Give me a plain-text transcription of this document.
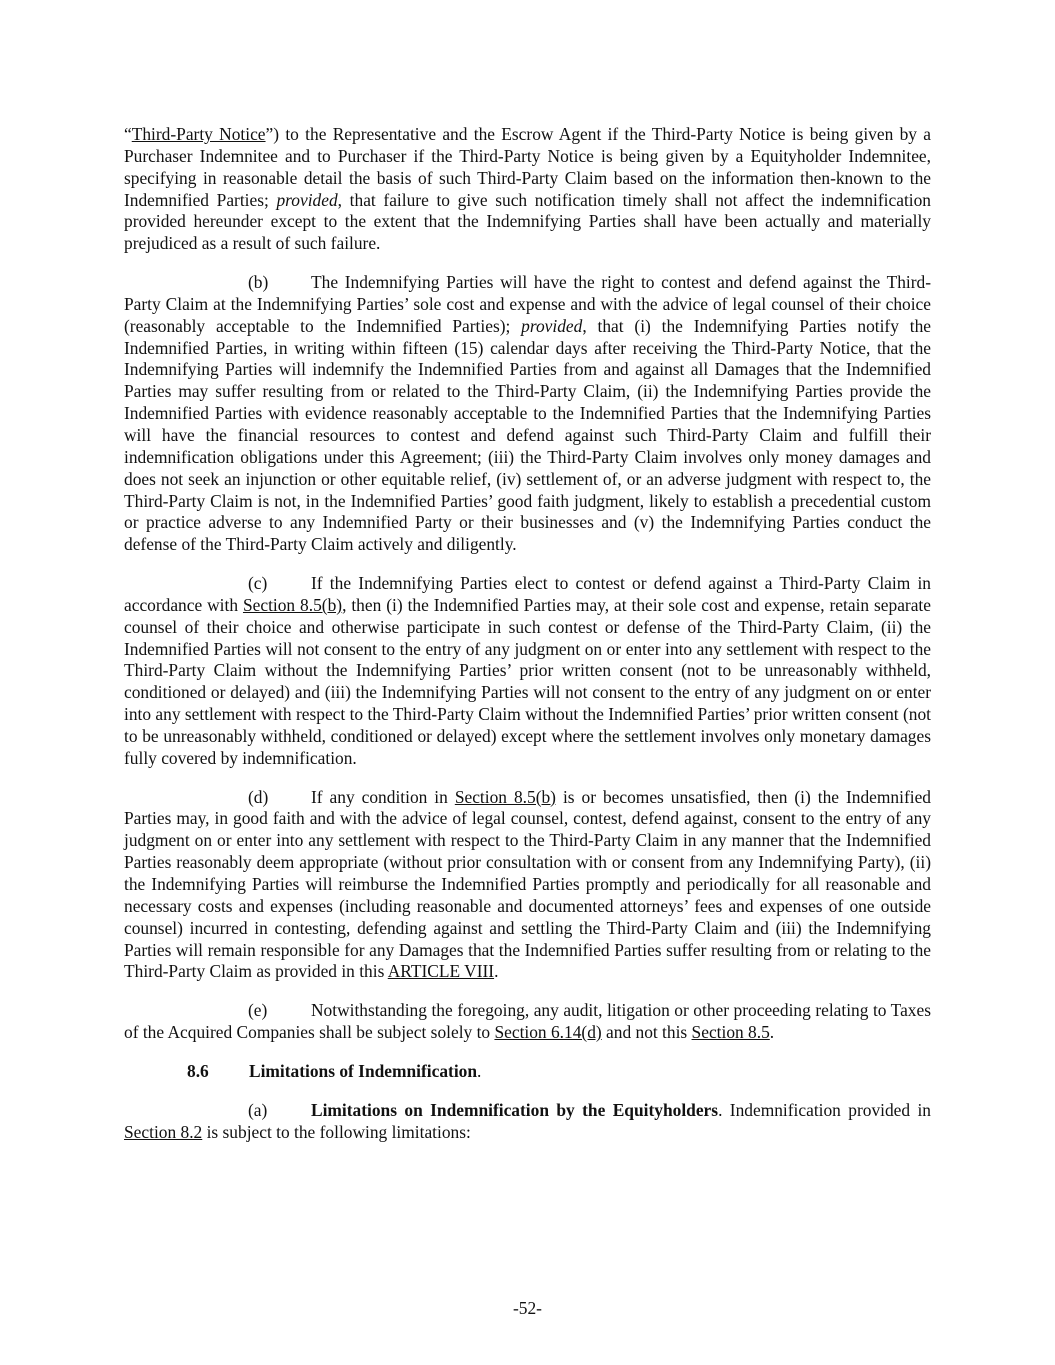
“Third-Party Notice”) to the Representative and the Escrow Agent if the Third-Party Notice is being given by a Purchaser Indemnitee and to Purchaser if the Third-Party Notice is being given by a Equityholder Indemnitee, specifying in reasonable detail the basis of such Third-Party Claim based on the information then-known to the Indemnified Parties; provided, that failure to give such notification timely shall not affect the indemnification provided hereunder except to the extent that the Indemnifying Parties shall have been actually and materially prejudiced as a result of such failure.

(b) The Indemnifying Parties will have the right to contest and defend against the Third-Party Claim at the Indemnifying Parties’ sole cost and expense and with the advice of legal counsel of their choice (reasonably acceptable to the Indemnified Parties); provided, that (i) the Indemnifying Parties notify the Indemnified Parties, in writing within fifteen (15) calendar days after receiving the Third-Party Notice, that the Indemnifying Parties will indemnify the Indemnified Parties from and against all Damages that the Indemnified Parties may suffer resulting from or related to the Third-Party Claim, (ii) the Indemnifying Parties provide the Indemnified Parties with evidence reasonably acceptable to the Indemnified Parties that the Indemnifying Parties will have the financial resources to contest and defend against such Third-Party Claim and fulfill their indemnification obligations under this Agreement; (iii) the Third-Party Claim involves only money damages and does not seek an injunction or other equitable relief, (iv) settlement of, or an adverse judgment with respect to, the Third-Party Claim is not, in the Indemnified Parties’ good faith judgment, likely to establish a precedential custom or practice adverse to any Indemnified Party or their businesses and (v) the Indemnifying Parties conduct the defense of the Third-Party Claim actively and diligently.

(c)	If the Indemnifying Parties elect to contest or defend against a Third-Party Claim in accordance with Section 8.5(b), then (i) the Indemnified Parties may, at their sole cost and expense, retain separate counsel of their choice and otherwise participate in such contest or defense of the Third-Party Claim, (ii) the Indemnified Parties will not consent to the entry of any judgment on or enter into any settlement with respect to the Third-Party Claim without the Indemnifying Parties’ prior written consent (not to be unreasonably withheld, conditioned or delayed) and (iii) the Indemnifying Parties will not consent to the entry of any judgment on or enter into any settlement with respect to the Third-Party Claim without the Indemnified Parties’ prior written consent (not to be unreasonably withheld, conditioned or delayed) except where the settlement involves only monetary damages fully covered by indemnification.

(d) If any condition in Section 8.5(b) is or becomes unsatisfied, then (i) the Indemnified Parties may, in good faith and with the advice of legal counsel, contest, defend against, consent to the entry of any judgment on or enter into any settlement with respect to the Third-Party Claim in any manner that the Indemnified Parties reasonably deem appropriate (without prior consultation with or consent from any Indemnifying Party), (ii) the Indemnifying Parties will reimburse the Indemnified Parties promptly and periodically for all reasonable and necessary costs and expenses (including reasonable and documented attorneys’ fees and expenses of one outside counsel) incurred in contesting, defending against and settling the Third-Party Claim and (iii) the Indemnifying Parties will remain responsible for any Damages that the Indemnified Parties suffer resulting from or relating to the Third-Party Claim as provided in this ARTICLE VIII.

(e)	Notwithstanding the foregoing, any audit, litigation or other proceeding relating to Taxes of the Acquired Companies shall be subject solely to Section 6.14(d) and not this Section 8.5.

8.6 Limitations of Indemnification.

(a)	Limitations on Indemnification by the Equityholders. Indemnification provided in Section 8.2 is subject to the following limitations:

-52-
